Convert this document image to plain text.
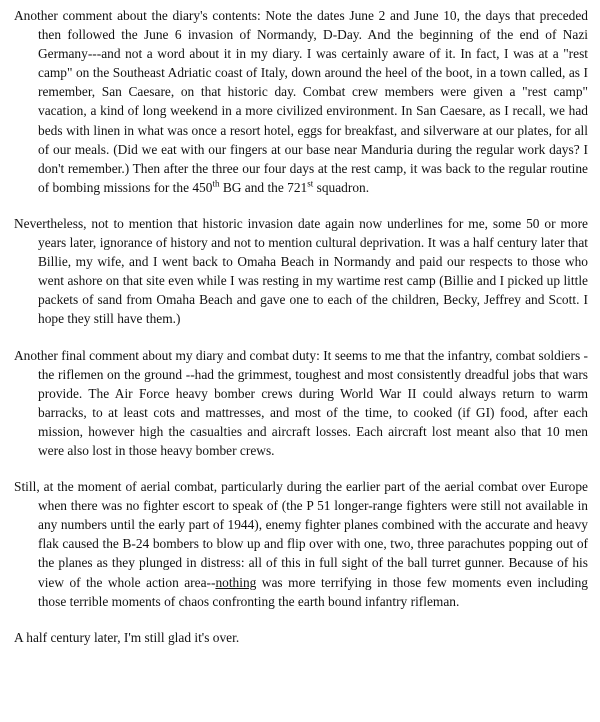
Another comment about the diary's contents: Note the dates June 2 and June 10, the days that preceded then followed the June 6 invasion of Normandy, D-Day. And the beginning of the end of Nazi Germany---and not a word about it in my diary. I was certainly aware of it. In fact, I was at a "rest camp" on the Southeast Adriatic coast of Italy, down around the heel of the boot, in a town called, as I remember, San Caesare, on that historic day. Combat crew members were given a "rest camp" vacation, a kind of long weekend in a more civilized environment. In San Caesare, as I recall, we had beds with linen in what was once a resort hotel, eggs for breakfast, and silverware at our plates, for all of our meals. (Did we eat with our fingers at our base near Manduria during the regular work days? I don't remember.) Then after the three our four days at the rest camp, it was back to the regular routine of bombing missions for the 450th BG and the 721st squadron.

Nevertheless, not to mention that historic invasion date again now underlines for me, some 50 or more years later, ignorance of history and not to mention cultural deprivation. It was a half century later that Billie, my wife, and I went back to Omaha Beach in Normandy and paid our respects to those who went ashore on that site even while I was resting in my wartime rest camp (Billie and I picked up little packets of sand from Omaha Beach and gave one to each of the children, Becky, Jeffrey and Scott. I hope they still have them.)

Another final comment about my diary and combat duty: It seems to me that the infantry, combat soldiers - the riflemen on the ground --had the grimmest, toughest and most consistently dreadful jobs that wars provide. The Air Force heavy bomber crews during World War II could always return to warm barracks, to at least cots and mattresses, and most of the time, to cooked (if GI) food, after each mission, however high the casualties and aircraft losses. Each aircraft lost meant also that 10 men were also lost in those heavy bomber crews.

Still, at the moment of aerial combat, particularly during the earlier part of the aerial combat over Europe when there was no fighter escort to speak of (the P 51 longer-range fighters were still not available in any numbers until the early part of 1944), enemy fighter planes combined with the accurate and heavy flak caused the B-24 bombers to blow up and flip over with one, two, three parachutes popping out of the planes as they plunged in distress: all of this in full sight of the ball turret gunner. Because of his view of the whole action area--nothing was more terrifying in those few moments even including those terrible moments of chaos confronting the earth bound infantry rifleman.

A half century later, I'm still glad it's over.
